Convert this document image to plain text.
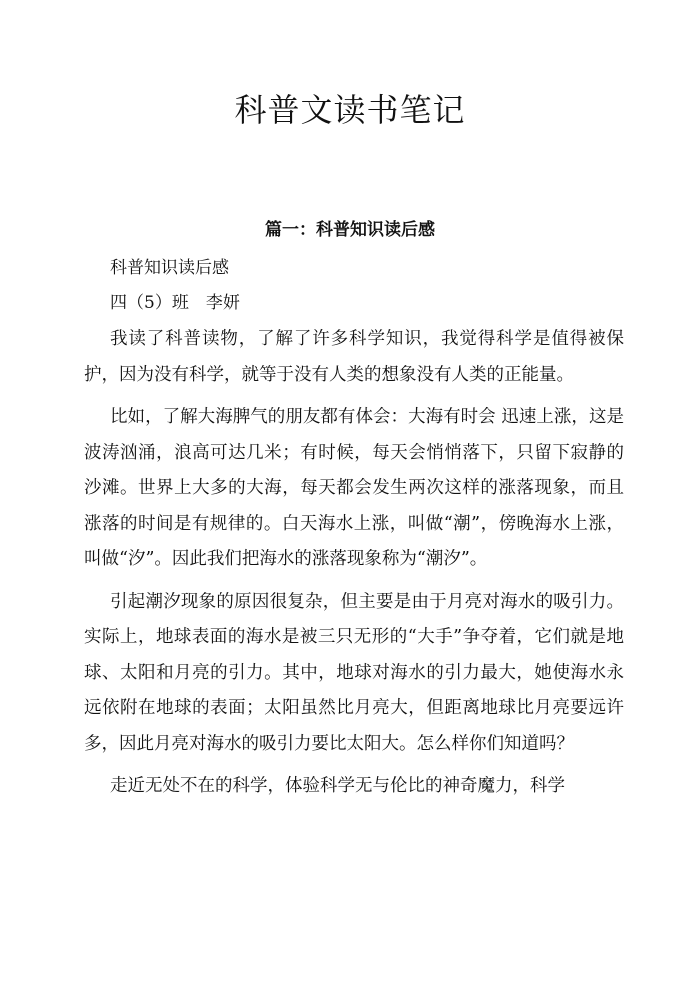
科普文读书笔记
篇一：科普知识读后感
科普知识读后感
四（5）班　李妍

我读了科普读物，了解了许多科学知识，我觉得科学是值得被保护，因为没有科学，就等于没有人类的想象没有人类的正能量。

比如，了解大海脾气的朋友都有体会：大海有时会 迅速上涨，这是波涛汹涌，浪高可达几米；有时候，每天会悄悄落下，只留下寂静的沙滩。世界上大多的大海，每天都会发生两次这样的涨落现象，而且涨落的时间是有规律的。白天海水上涨，叫做“潮”，傍晚海水上涨，叫做“汐”。因此我们把海水的涨落现象称为“潮汐”。

引起潮汐现象的原因很复杂，但主要是由于月亮对海水的吸引力。实际上，地球表面的海水是被三只无形的“大手”争夺着，它们就是地球、太阳和月亮的引力。其中，地球对海水的引力最大，她使海水永远依附在地球的表面；太阳虽然比月亮大，但距离地球比月亮要远许多，因此月亮对海水的吸引力要比太阳大。怎么样你们知道吗？

走近无处不在的科学，体验科学无与伦比的神奇魔力，科学
